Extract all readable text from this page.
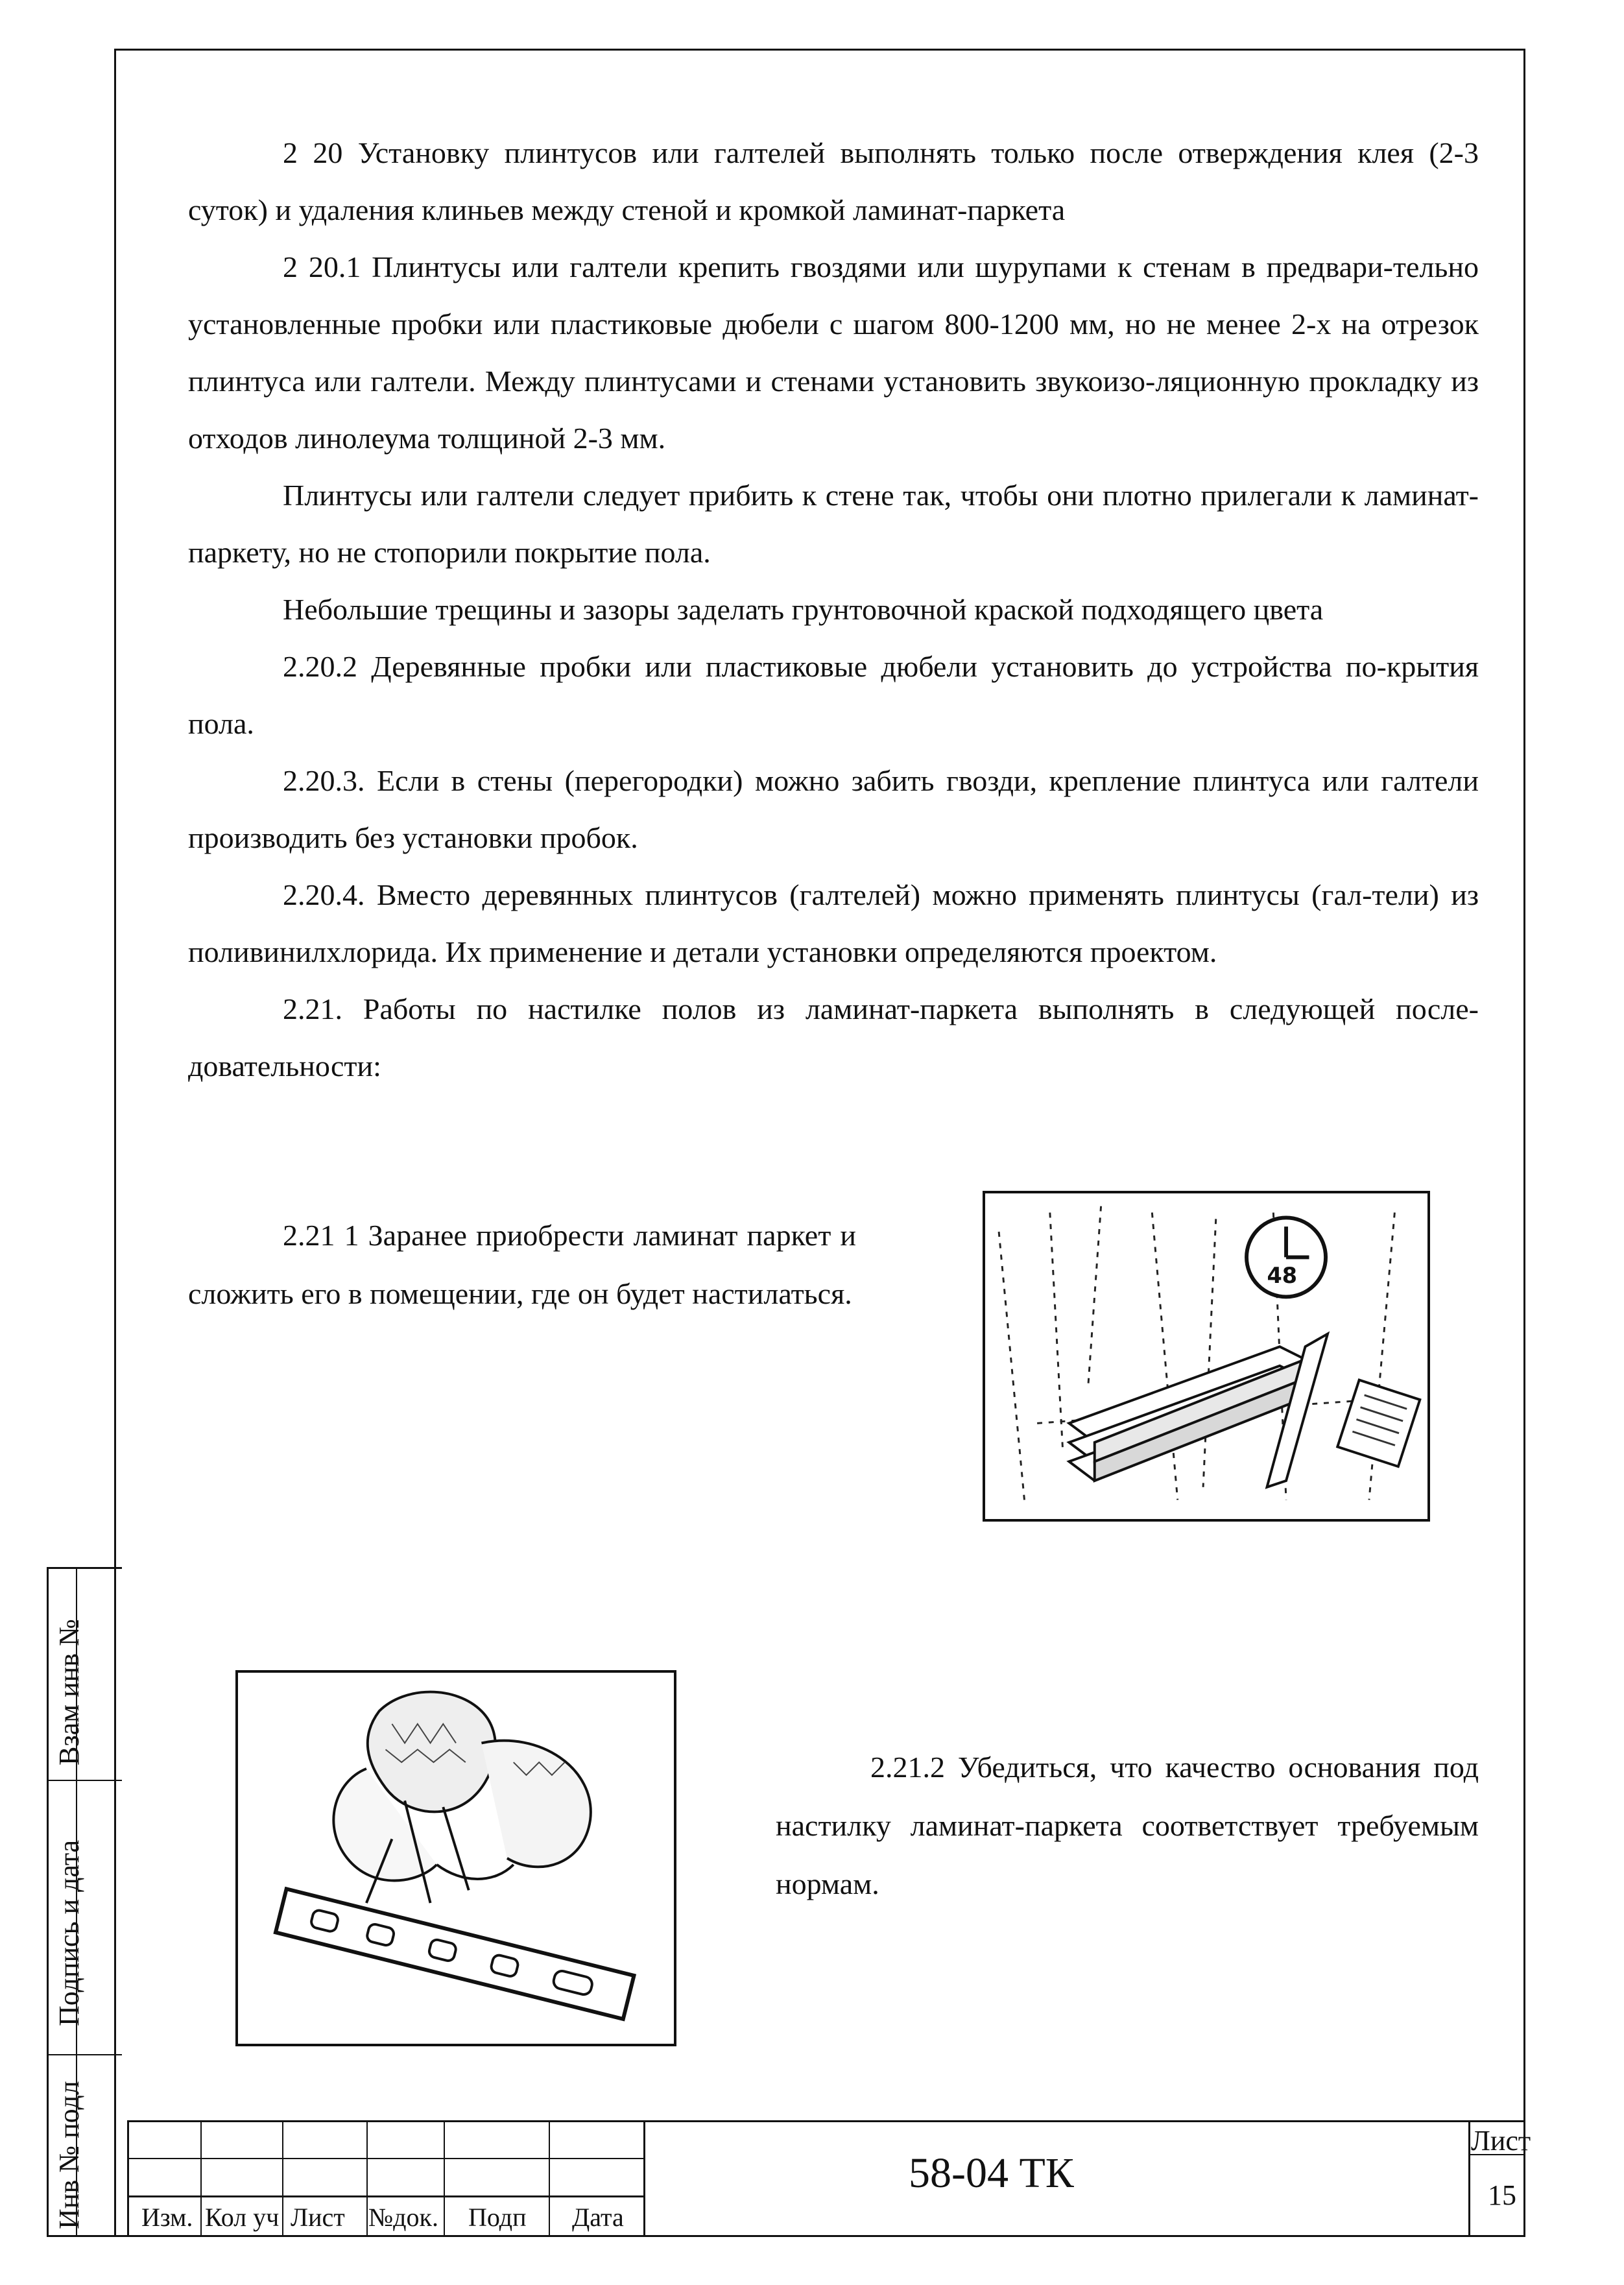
Взам инв №
Подпись и дата
Инв № подл

2 20 Установку плинтусов или галтелей выполнять только после отверждения клея (2-3 суток) и удаления клиньев между стеной и кромкой ламинат-паркета

2 20.1 Плинтусы или галтели крепить гвоздями или шурупами к стенам в предвари-тельно установленные пробки или пластиковые дюбели с шагом 800-1200 мм, но не менее 2-х на отрезок плинтуса или галтели. Между плинтусами и стенами установить звукоизо-ляционную прокладку из отходов линолеума толщиной 2-3 мм.

Плинтусы или галтели следует прибить к стене так, чтобы они плотно прилегали к ламинат-паркету, но не стопорили покрытие пола.

Небольшие трещины и зазоры заделать грунтовочной краской подходящего цвета

2.20.2 Деревянные пробки или пластиковые дюбели установить до устройства по-крытия пола.

2.20.3. Если в стены (перегородки) можно забить гвозди, крепление плинтуса или галтели производить без установки пробок.

2.20.4. Вместо деревянных плинтусов (галтелей) можно применять плинтусы (гал-тели) из поливинилхлорида. Их применение и детали установки определяются проектом.

2.21. Работы по настилке полов из ламинат-паркета выполнять в следующей после-довательности:

2.21 1 Заранее приобрести ламинат паркет и сложить его в помещении, где он будет настилаться.

2.21.2 Убедиться, что качество основания под настилку ламинат-паркета соответствует требуемым нормам.

48
Изм. Кол уч Лист №док. Подп Дата
58-04 ТК
Лист
15
